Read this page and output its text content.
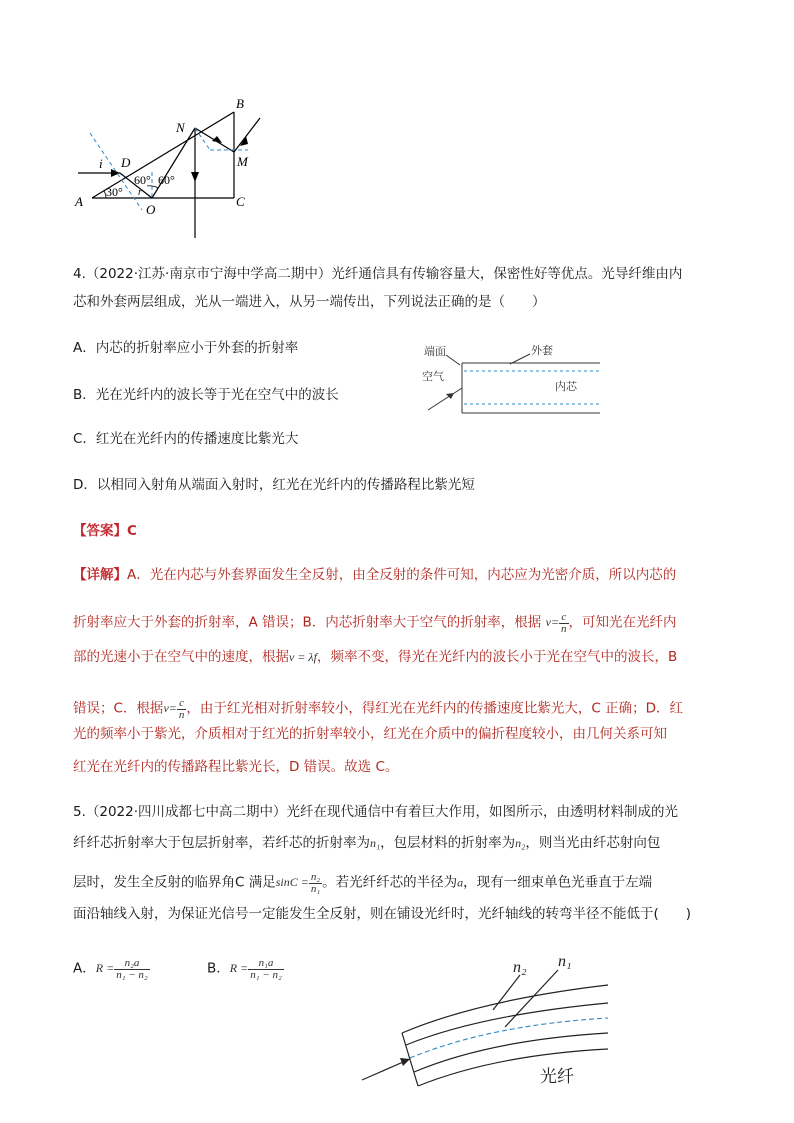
B
N
M
i D
A
O
C
r
30°
60° 60°
4.（2022·江苏·南京市宁海中学高二期中）光纤通信具有传输容量大，保密性好等优点。光导纤维由内
芯和外套两层组成，光从一端进入，从另一端传出，下列说法正确的是（　　）
A．内芯的折射率应小于外套的折射率
B．光在光纤内的波长等于光在空气中的波长
C．红光在光纤内的传播速度比紫光大
D．以相同入射角从端面入射时，红光在光纤内的传播路程比紫光短
端面	外套
空气
内芯
【答案】C
【详解】A．光在内芯与外套界面发生全反射，由全反射的条件可知，内芯应为光密介质，所以内芯的
折射率应大于外套的折射率，A 错误；B．内芯折射率大于空气的折射率，根据 $v= \frac{c}{n}$ ，可知光在光纤内
部的光速小于在空气中的速度，根据v = λf，频率不变，得光在光纤内的波长小于光在空气中的波长，B
错误；C．根据$v= \frac{c}{n}$ ，由于红光相对折射率较小，得红光在光纤内的传播速度比紫光大，C 正确；D．红
光的频率小于紫光，介质相对于红光的折射率较小，红光在介质中的偏折程度较小，由几何关系可知
红光在光纤内的传播路程比紫光长，D 错误。故选 C。
5.（2022·四川成都七中高二期中）光纤在现代通信中有着巨大作用，如图所示，由透明材料制成的光
纤纤芯折射率大于包层折射率，若纤芯的折射率为n₁，包层材料的折射率为n₂，则当光由纤芯射向包
层时，发生全反射的临界角C 满足$\sin C = \frac{\text{n₂}}{\text{n₁}}$ 。若光纤纤芯的半径为a，现有一细束单色光垂直于左端
面沿轴线入射，为保证光信号一定能发生全反射，则在铺设光纤时，光纤轴线的转弯半径不能低于(　　)
A．$R = \frac{\text{n₂a}}{\text{n₁ − n₂}}$	B．$R = \frac{\text{n₁a}}{\text{n₁ − n₂}}$	n₂ n₁
光纤
